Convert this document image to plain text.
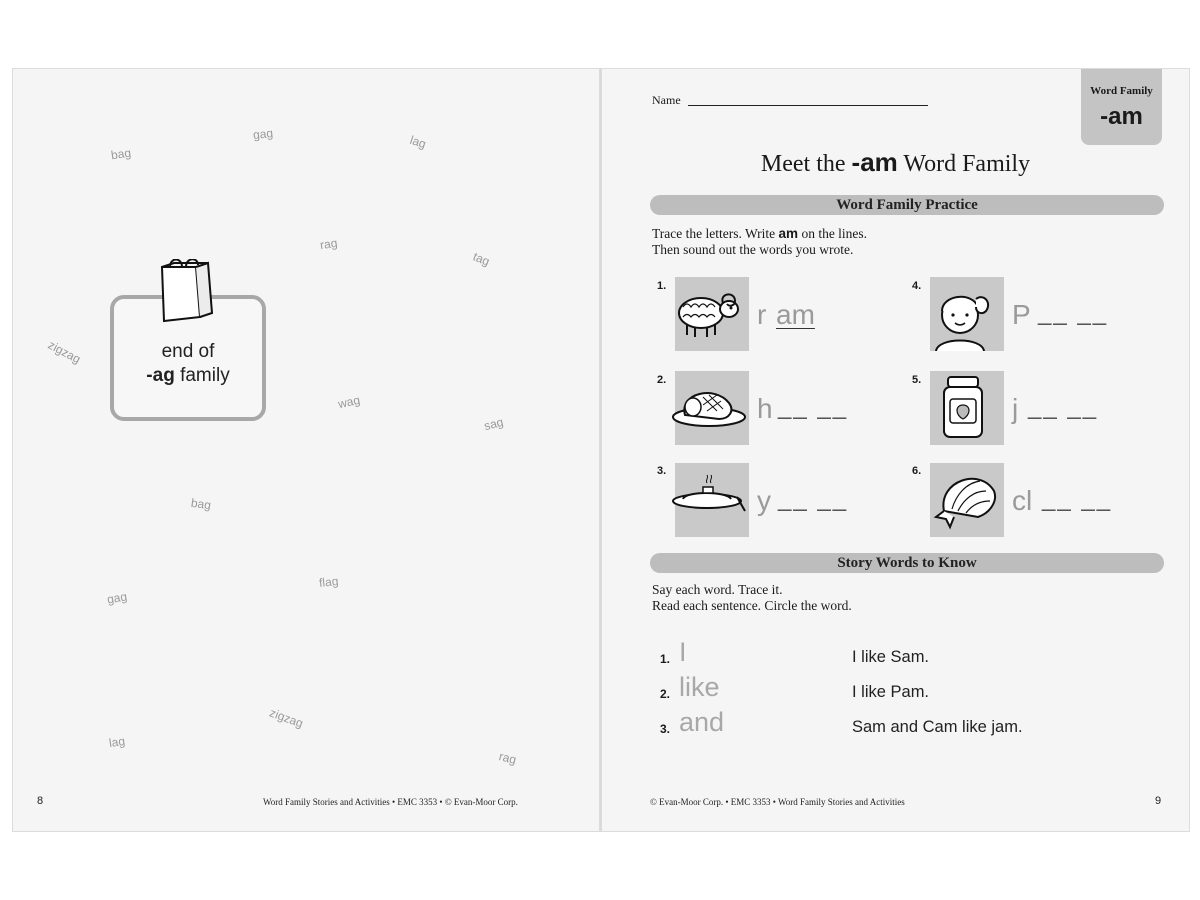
bag
gag	lag
rag
tag
zigzag
wag
sag
bag
flag
gag
zigzag
lag
rag
end of
-ag family
8	Word Family Stories and Activities • EMC 3353 • © Evan-Moor Corp.
Name
Word Family
-am
Meet the -am Word Family
Word Family Practice
Trace the letters. Write am on the lines.
Then sound out the words you wrote.
1.
r am
2.
h __ __
3.
y __ __
4.
P __ __
5.
j __ __
6.
cl __ __
Story Words to Know
Say each word. Trace it.
Read each sentence. Circle the word.
1. I	I like Sam.
2. like	I like Pam.
3. and	Sam and Cam like jam.
© Evan-Moor Corp. • EMC 3353 • Word Family Stories and Activities	9
